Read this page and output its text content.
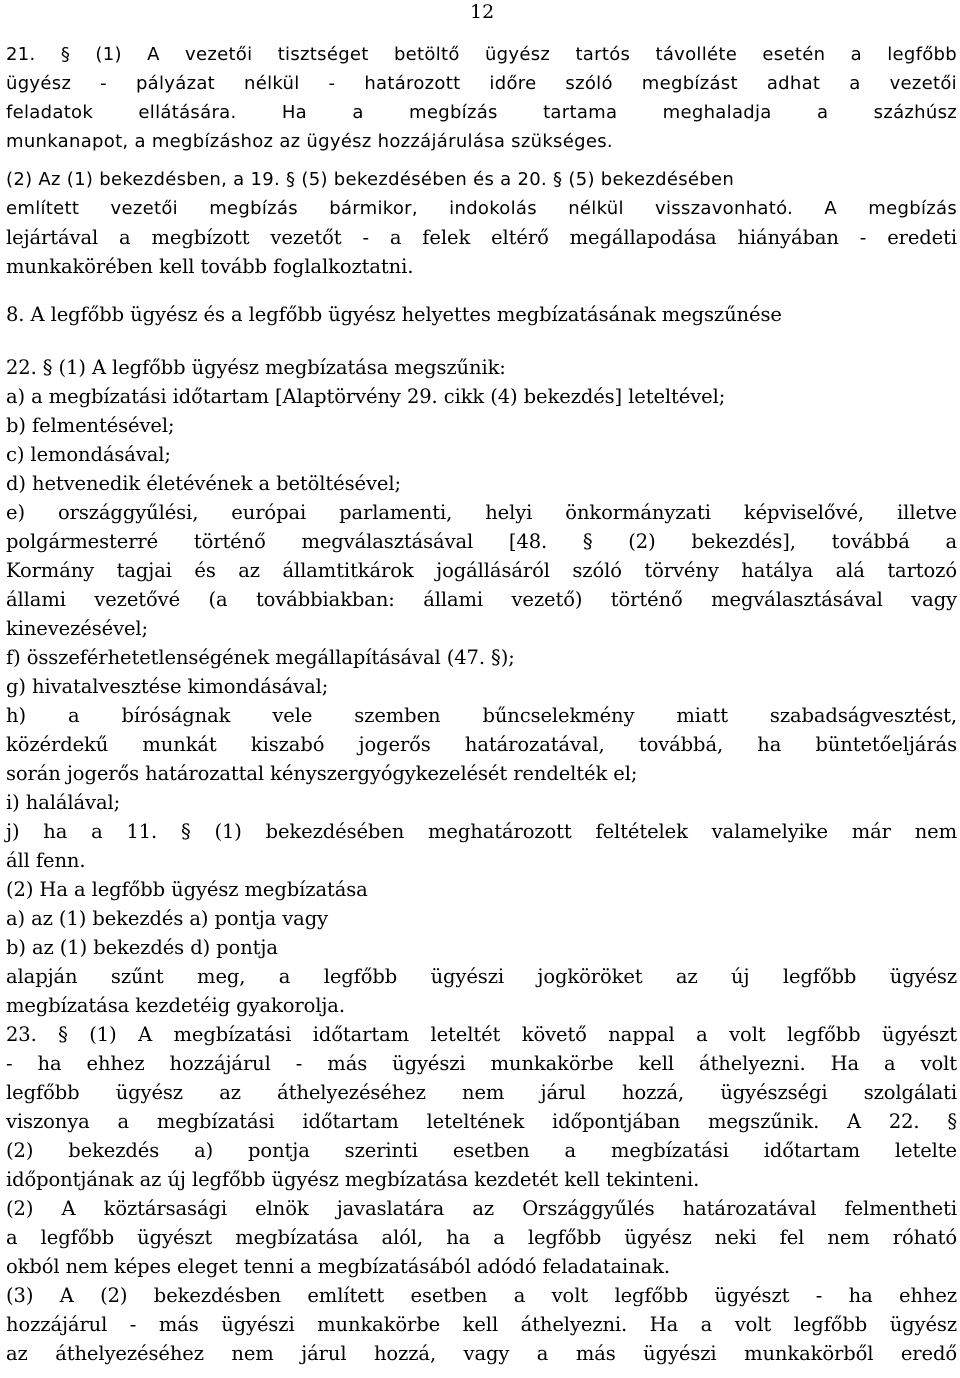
12
21. § (1) A vezetői tisztséget betöltő ügyész tartós távolléte esetén a legfőbb
ügyész - pályázat nélkül - határozott időre szóló megbízást adhat a vezetői
feladatok ellátására. Ha a megbízás tartama meghaladja a százhúsz
munkanapot, a megbízáshoz az ügyész hozzájárulása szükséges.
(2) Az (1) bekezdésben, a 19. § (5) bekezdésében és a 20. § (5) bekezdésében
említett vezetői megbízás bármikor, indokolás nélkül visszavonható. A megbízás
lejártával a megbízott vezetőt - a felek eltérő megállapodása hiányában - eredeti
munkakörében kell tovább foglalkoztatni.
8. A legfőbb ügyész és a legfőbb ügyész helyettes megbízatásának megszűnése
22. § (1) A legfőbb ügyész megbízatása megszűnik:
a) a megbízatási időtartam [Alaptörvény 29. cikk (4) bekezdés] leteltével;
b) felmentésével;
c) lemondásával;
d) hetvenedik életévének a betöltésével;
e) országgyűlési, európai parlamenti, helyi önkormányzati képviselővé, illetve
polgármesterré történő megválasztásával [48. § (2) bekezdés], továbbá a
Kormány tagjai és az államtitkárok jogállásáról szóló törvény hatálya alá tartozó
állami vezetővé (a továbbiakban: állami vezető) történő megválasztásával vagy
kinevezésével;
f) összeférhetetlenségének megállapításával (47. §);
g) hivatalvesztése kimondásával;
h) a bíróságnak vele szemben bűncselekmény miatt szabadságvesztést,
közérdekű munkát kiszabó jogerős határozatával, továbbá, ha büntetőeljárás
során jogerős határozattal kényszergyógykezelését rendelték el;
i) halálával;
j) ha a 11. § (1) bekezdésében meghatározott feltételek valamelyike már nem
áll fenn.
(2) Ha a legfőbb ügyész megbízatása
a) az (1) bekezdés a) pontja vagy
b) az (1) bekezdés d) pontja
alapján szűnt meg, a legfőbb ügyészi jogköröket az új legfőbb ügyész
megbízatása kezdetéig gyakorolja.
23. § (1) A megbízatási időtartam leteltét követő nappal a volt legfőbb ügyészt
- ha ehhez hozzájárul - más ügyészi munkakörbe kell áthelyezni. Ha a volt
legfőbb ügyész az áthelyezéséhez nem járul hozzá, ügyészségi szolgálati
viszonya a megbízatási időtartam leteltének időpontjában megszűnik. A 22. §
(2) bekezdés a) pontja szerinti esetben a megbízatási időtartam letelte
időpontjának az új legfőbb ügyész megbízatása kezdetét kell tekinteni.
(2) A köztársasági elnök javaslatára az Országgyűlés határozatával felmentheti
a legfőbb ügyészt megbízatása alól, ha a legfőbb ügyész neki fel nem róható
okból nem képes eleget tenni a megbízatásából adódó feladatainak.
(3) A (2) bekezdésben említett esetben a volt legfőbb ügyészt - ha ehhez
hozzájárul - más ügyészi munkakörbe kell áthelyezni. Ha a volt legfőbb ügyész
az áthelyezéséhez nem járul hozzá, vagy a más ügyészi munkakörből eredő
